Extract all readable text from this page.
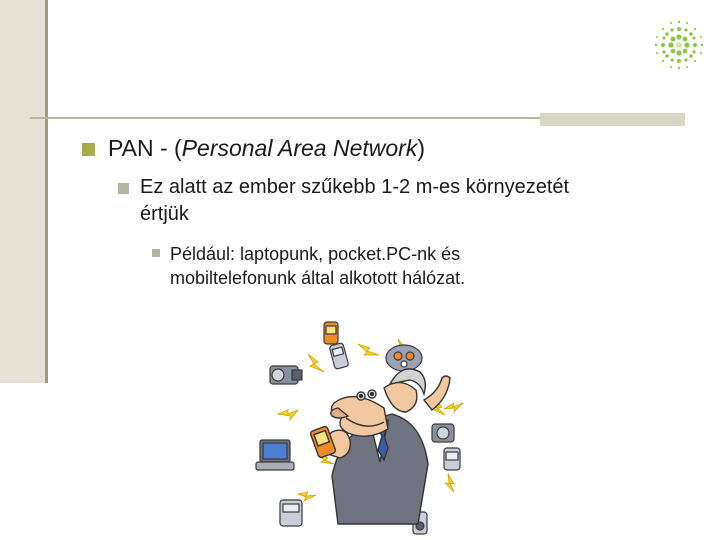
PAN - (Personal Area Network)
Ez alatt az ember szűkebb 1-2 m-es környezetét értjük
Például: laptopunk, pocket.PC-nk és mobiltelefonunk által alkotott hálózat.
